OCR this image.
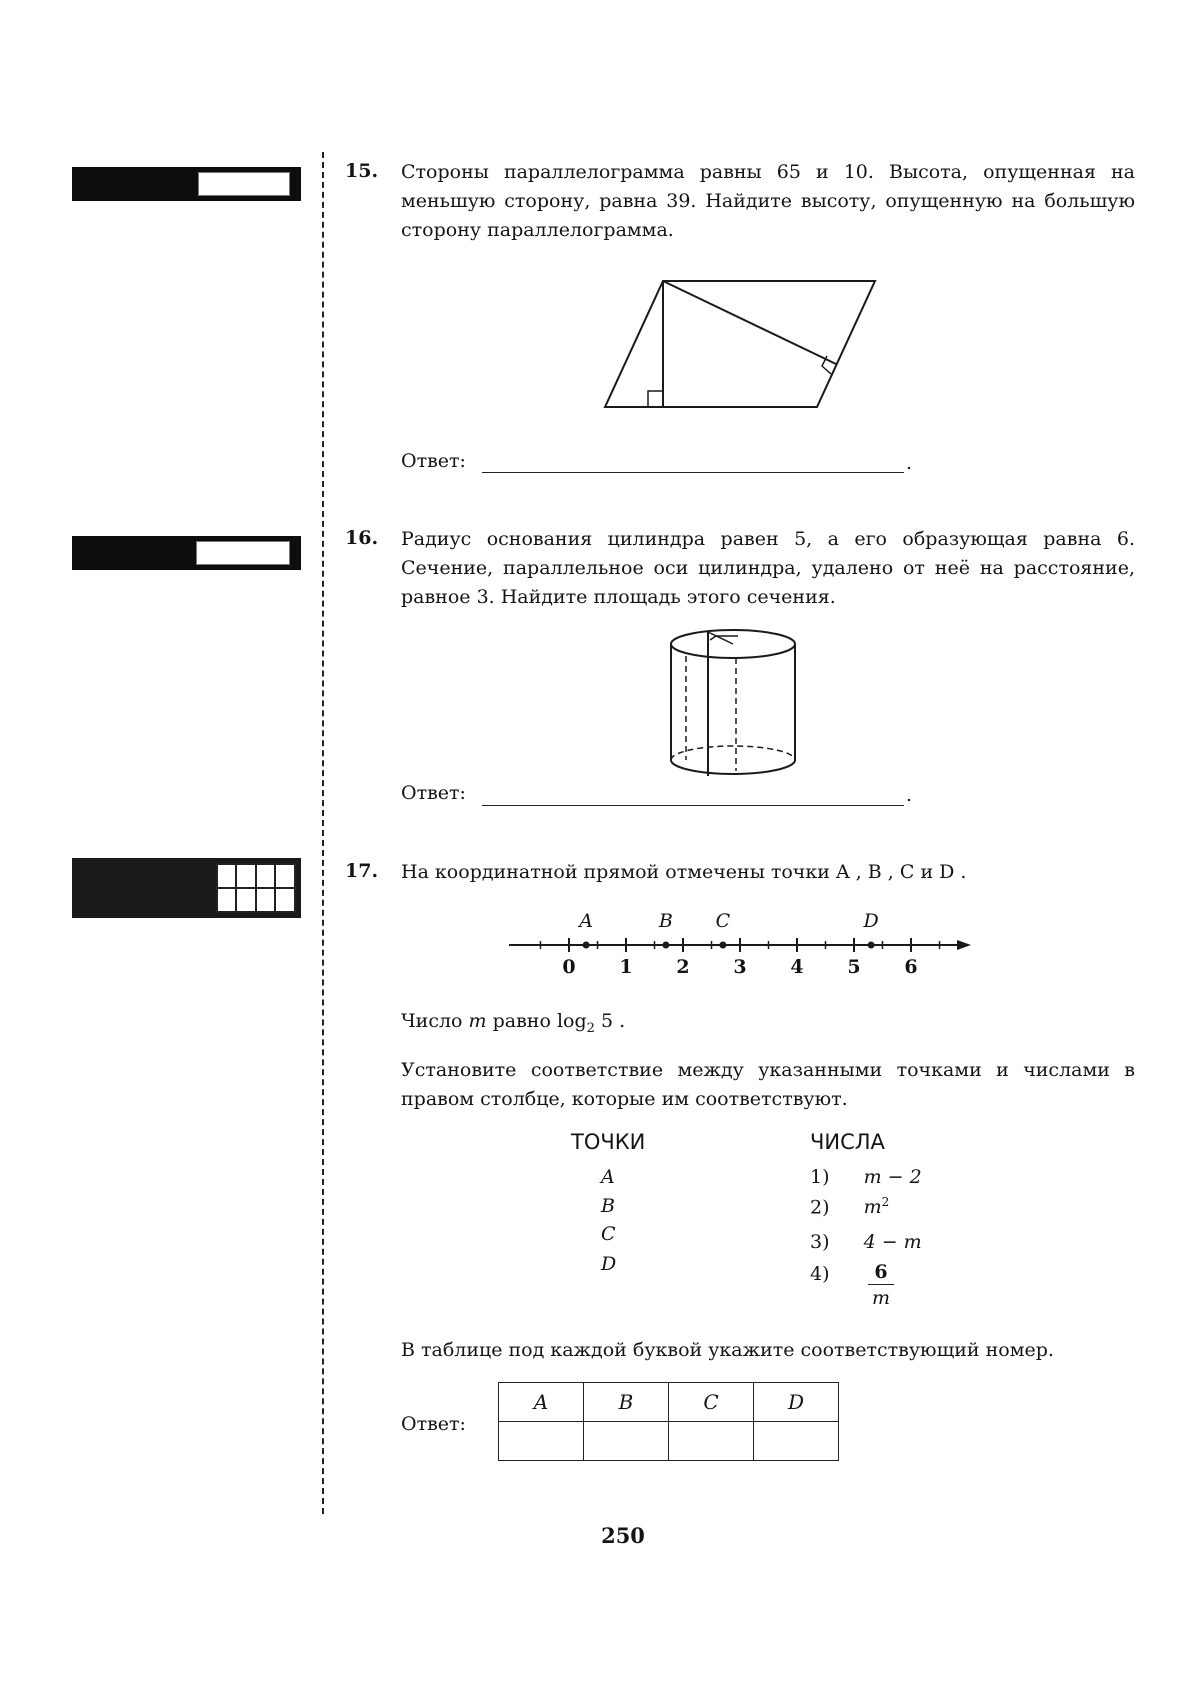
15. Стороны параллелограмма равны 65 и 10. Высота, опущенная на меньшую сторону, равна 39. Найдите высоту, опущенную на большую сторону параллелограмма.
Ответ:	.
16. Радиус основания цилиндра равен 5, а его образующая равна 6. Сечение, параллельное оси цилиндра, удалено от неё на расстояние, равное 3. Найдите площадь этого сечения.
Ответ:	.
17. На координатной прямой отмечены точки A , B , C и D .
0	1	2	3	4	5	6
A	B	C	D
Число m равно $\log_2 5$ .
Установите соответствие между указанными точками и числами в правом столбце, которые им соответствуют.
ТОЧКИ	ЧИСЛА
A
B
C
D
1) m − 2
2) $m^2$
3) 4 − m
$4) \frac{6}{m}$
В таблице под каждой буквой укажите соответствующий номер.
Ответ:
A	B	C	D

250
